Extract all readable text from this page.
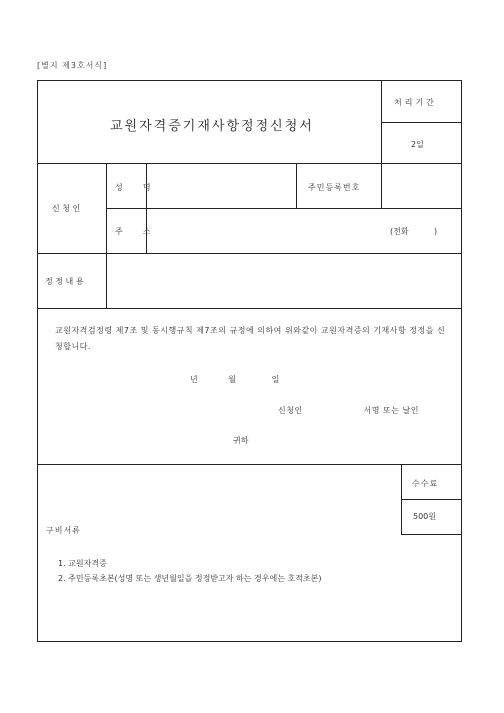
[별지 제3호서식]
교원자격증기재사항정정신청서
처리기간
2일
신 청 인
성    명	주민등록번호
주    소	(전화          )
정 정 내 용
교원자격검정령 제7조 및 동시행규칙 제7조의 규정에 의하여 위와같이 교원자격증의 기재사항 정정을 신청합니다.
년            월              일
신청인                    서명 또는 날인
귀하
수수료
500원
구비서류
1. 교원자격증
2. 주민등록초본(성명 또는 생년월일을 정정받고자 하는 경우에는 호적초본)
